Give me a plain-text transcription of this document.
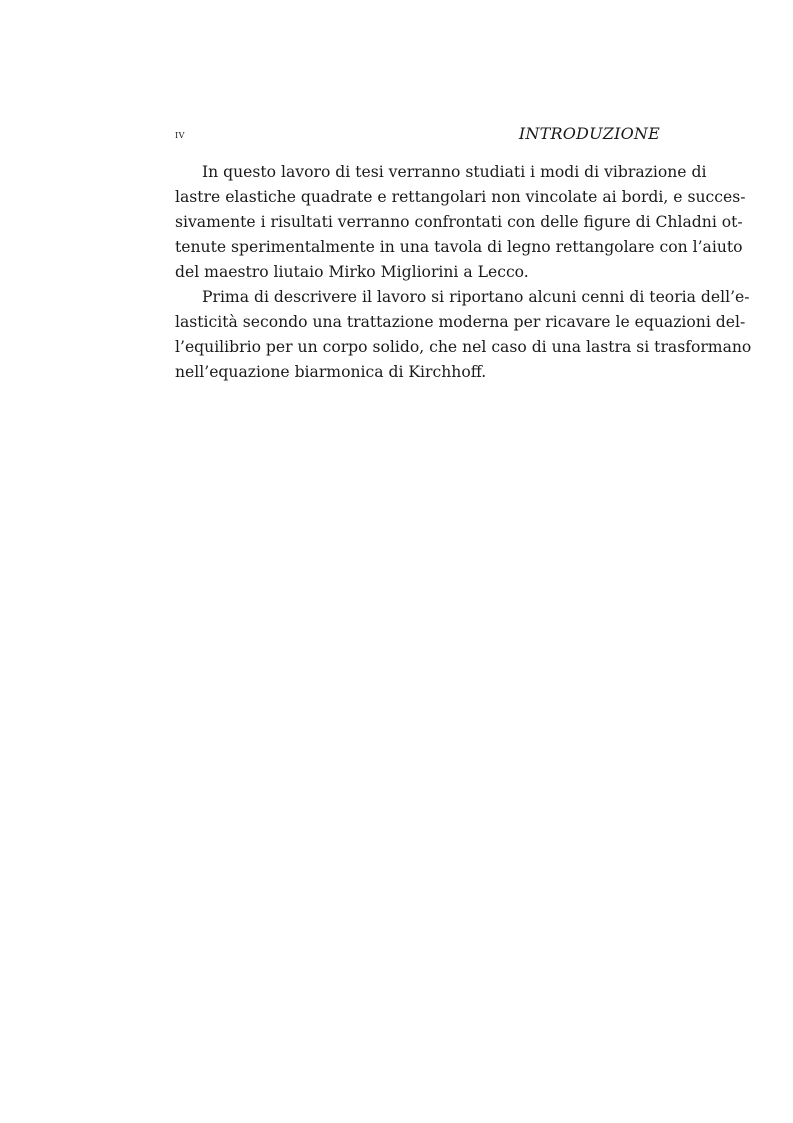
iv	INTRODUZIONE
In questo lavoro di tesi verranno studiati i modi di vibrazione di
lastre elastiche quadrate e rettangolari non vincolate ai bordi, e succes-
sivamente i risultati verranno confrontati con delle figure di Chladni ot-
tenute sperimentalmente in una tavola di legno rettangolare con l’aiuto
del maestro liutaio Mirko Migliorini a Lecco.
Prima di descrivere il lavoro si riportano alcuni cenni di teoria dell’e-
lasticità secondo una trattazione moderna per ricavare le equazioni del-
l’equilibrio per un corpo solido, che nel caso di una lastra si trasformano
nell’equazione biarmonica di Kirchhoff.
